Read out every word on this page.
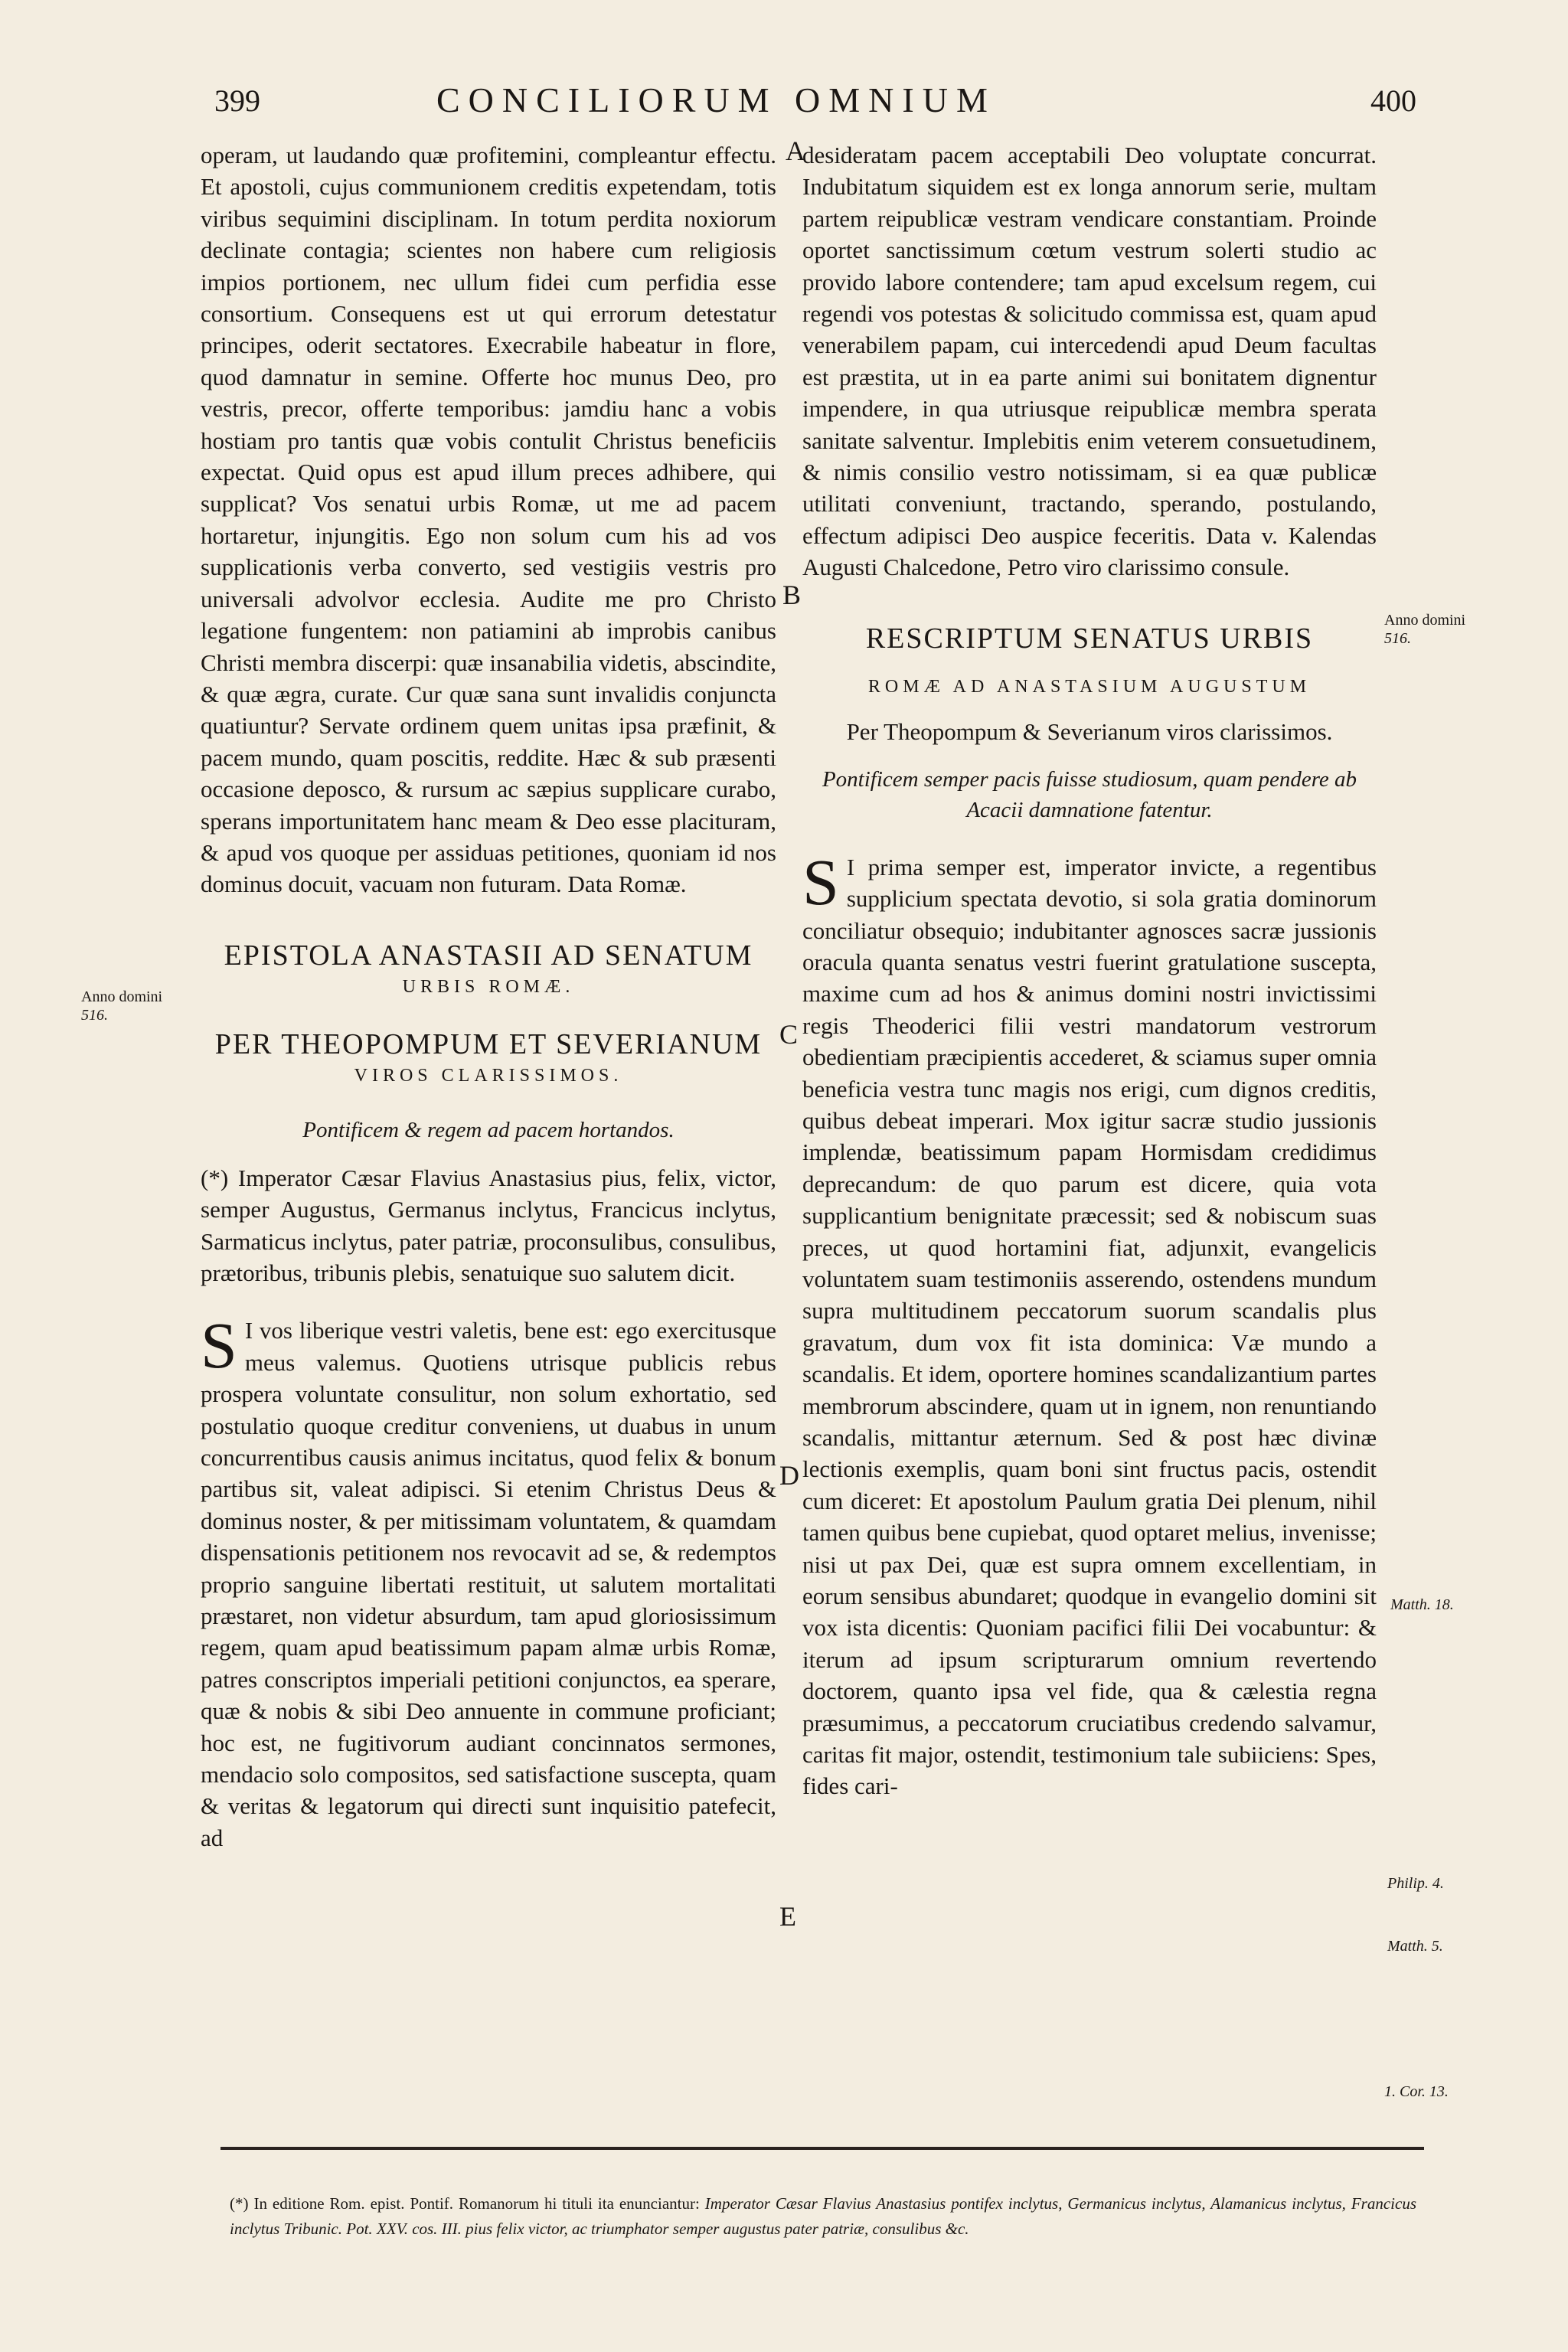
399	CONCILIORUM OMNIUM	400

operam, ut laudando quæ profitemini, compleantur effectu. Et apostoli, cujus communionem creditis expetendam, totis viribus sequimini disciplinam. In totum perdita noxiorum declinate contagia; scientes non habere cum religiosis impios portionem, nec ullum fidei cum perfidia esse consortium. Consequens est ut qui errorum detestatur principes, oderit sectatores. Execrabile habeatur in flore, quod damnatur in semine. Offerte hoc munus Deo, pro vestris, precor, offerte temporibus: jamdiu hanc a vobis hostiam pro tantis quæ vobis contulit Christus beneficiis expectat. Quid opus est apud illum preces adhibere, qui supplicat? Vos senatui urbis Romæ, ut me ad pacem hortaretur, injungitis. Ego non solum cum his ad vos supplicationis verba converto, sed vestigiis vestris pro universali advolvor ecclesia. Audite me pro Christo legatione fungentem: non patiamini ab improbis canibus Christi membra discerpi: quæ insanabilia videtis, abscindite, & quæ ægra, curate. Cur quæ sana sunt invalidis conjuncta quatiuntur? Servate ordinem quem unitas ipsa præfinit, & pacem mundo, quam poscitis, reddite. Hæc & sub præsenti occasione deposco, & rursum ac sæpius supplicare curabo, sperans importunitatem hanc meam & Deo esse placituram, & apud vos quoque per assiduas petitiones, quoniam id nos dominus docuit, vacuam non futuram. Data Romæ.

EPISTOLA ANASTASII AD SENATUM
URBIS ROMÆ.
PER THEOPOMPUM ET SEVERIANUM
VIROS CLARISSIMOS.
Pontificem & regem ad pacem hortandos.

(*) Imperator Cæsar Flavius Anastasius pius, felix, victor, semper Augustus, Germanus inclytus, Francicus inclytus, Sarmaticus inclytus, pater patriæ, proconsulibus, consulibus, prætoribus, tribunis plebis, senatuique suo salutem dicit.

S I vos liberique vestri valetis, bene est: ego exercitusque meus valemus. Quotiens utrisque publicis rebus prospera voluntate consulitur, non solum exhortatio, sed postulatio quoque creditur conveniens, ut duabus in unum concurrentibus causis animus incitatus, quod felix & bonum partibus sit, valeat adipisci. Si etenim Christus Deus & dominus noster, & per mitissimam voluntatem, & quamdam dispensationis petitionem nos revocavit ad se, & redemptos proprio sanguine libertati restituit, ut salutem mortalitati præstaret, non videtur absurdum, tam apud gloriosissimum regem, quam apud beatissimum papam almæ urbis Romæ, patres conscriptos imperiali petitioni conjunctos, ea sperare, quæ & nobis & sibi Deo annuente in commune proficiant; hoc est, ne fugitivorum audiant concinnatos sermones, mendacio solo compositos, sed satisfactione suscepta, quam & veritas & legatorum qui directi sunt inquisitio patefecit, ad

desideratam pacem acceptabili Deo voluptate concurrat. Indubitatum siquidem est ex longa annorum serie, multam partem reipublicæ vestram vendicare constantiam. Proinde oportet sanctissimum cœtum vestrum solerti studio ac provido labore contendere; tam apud excelsum regem, cui regendi vos potestas & solicitudo commissa est, quam apud venerabilem papam, cui intercedendi apud Deum facultas est præstita, ut in ea parte animi sui bonitatem dignentur impendere, in qua utriusque reipublicæ membra sperata sanitate salventur. Implebitis enim veterem consuetudinem, & nimis consilio vestro notissimam, si ea quæ publicæ utilitati conveniunt, tractando, sperando, postulando, effectum adipisci Deo auspice feceritis. Data v. Kalendas Augusti Chalcedone, Petro viro clarissimo consule.

RESCRIPTUM SENATUS URBIS
ROMÆ AD ANASTASIUM AUGUSTUM
Per Theopompum & Severianum viros clarissimos.
Pontificem semper pacis fuisse studiosum, quam pendere ab Acacii damnatione fatentur.

S I prima semper est, imperator invicte, a regentibus supplicium spectata devotio, si sola gratia dominorum conciliatur obsequio; indubitanter agnosces sacræ jussionis oracula quanta senatus vestri fuerint gratulatione suscepta, maxime cum ad hos & animus domini nostri invictissimi regis Theoderici filii vestri mandatorum vestrorum obedientiam præcipientis accederet, & sciamus super omnia beneficia vestra tunc magis nos erigi, cum dignos creditis, quibus debeat imperari. Mox igitur sacræ studio jussionis implendæ, beatissimum papam Hormisdam credidimus deprecandum: de quo parum est dicere, quia vota supplicantium benignitate præcessit; sed & nobiscum suas preces, ut quod hortamini fiat, adjunxit, evangelicis voluntatem suam testimoniis asserendo, ostendens mundum supra multitudinem peccatorum suorum scandalis plus gravatum, dum vox fit ista dominica: Væ mundo a scandalis. Et idem, oportere homines scandalizantium partes membrorum abscindere, quam ut in ignem, non renuntiando scandalis, mittantur æternum. Sed & post hæc divinæ lectionis exemplis, quam boni sint fructus pacis, ostendit cum diceret: Et apostolum Paulum gratia Dei plenum, nihil tamen quibus bene cupiebat, quod optaret melius, invenisse; nisi ut pax Dei, quæ est supra omnem excellentiam, in eorum sensibus abundaret; quodque in evangelio domini sit vox ista dicentis: Quoniam pacifici filii Dei vocabuntur: & iterum ad ipsum scripturarum omnium revertendo doctorem, quanto ipsa vel fide, qua & cælestia regna præsumimus, a peccatorum cruciatibus credendo salvamur, caritas fit major, ostendit, testimonium tale subiiciens: Spes, fides cari-

A
B
C
D
E
Anno domini
516.
Anno domini
516.
Matth. 18.
Philip. 4.
Matth. 5.
1. Cor. 13.

(*) In editione Rom. epist. Pontif. Romanorum hi tituli ita enunciantur: Imperator Cæsar Flavius Anastasius pontifex inclytus, Germanicus inclytus, Alamanicus inclytus, Francicus inclytus Tribunic. Pot. XXV. cos. III. pius felix victor, ac triumphator semper augustus pater patriæ, consulibus &c.
